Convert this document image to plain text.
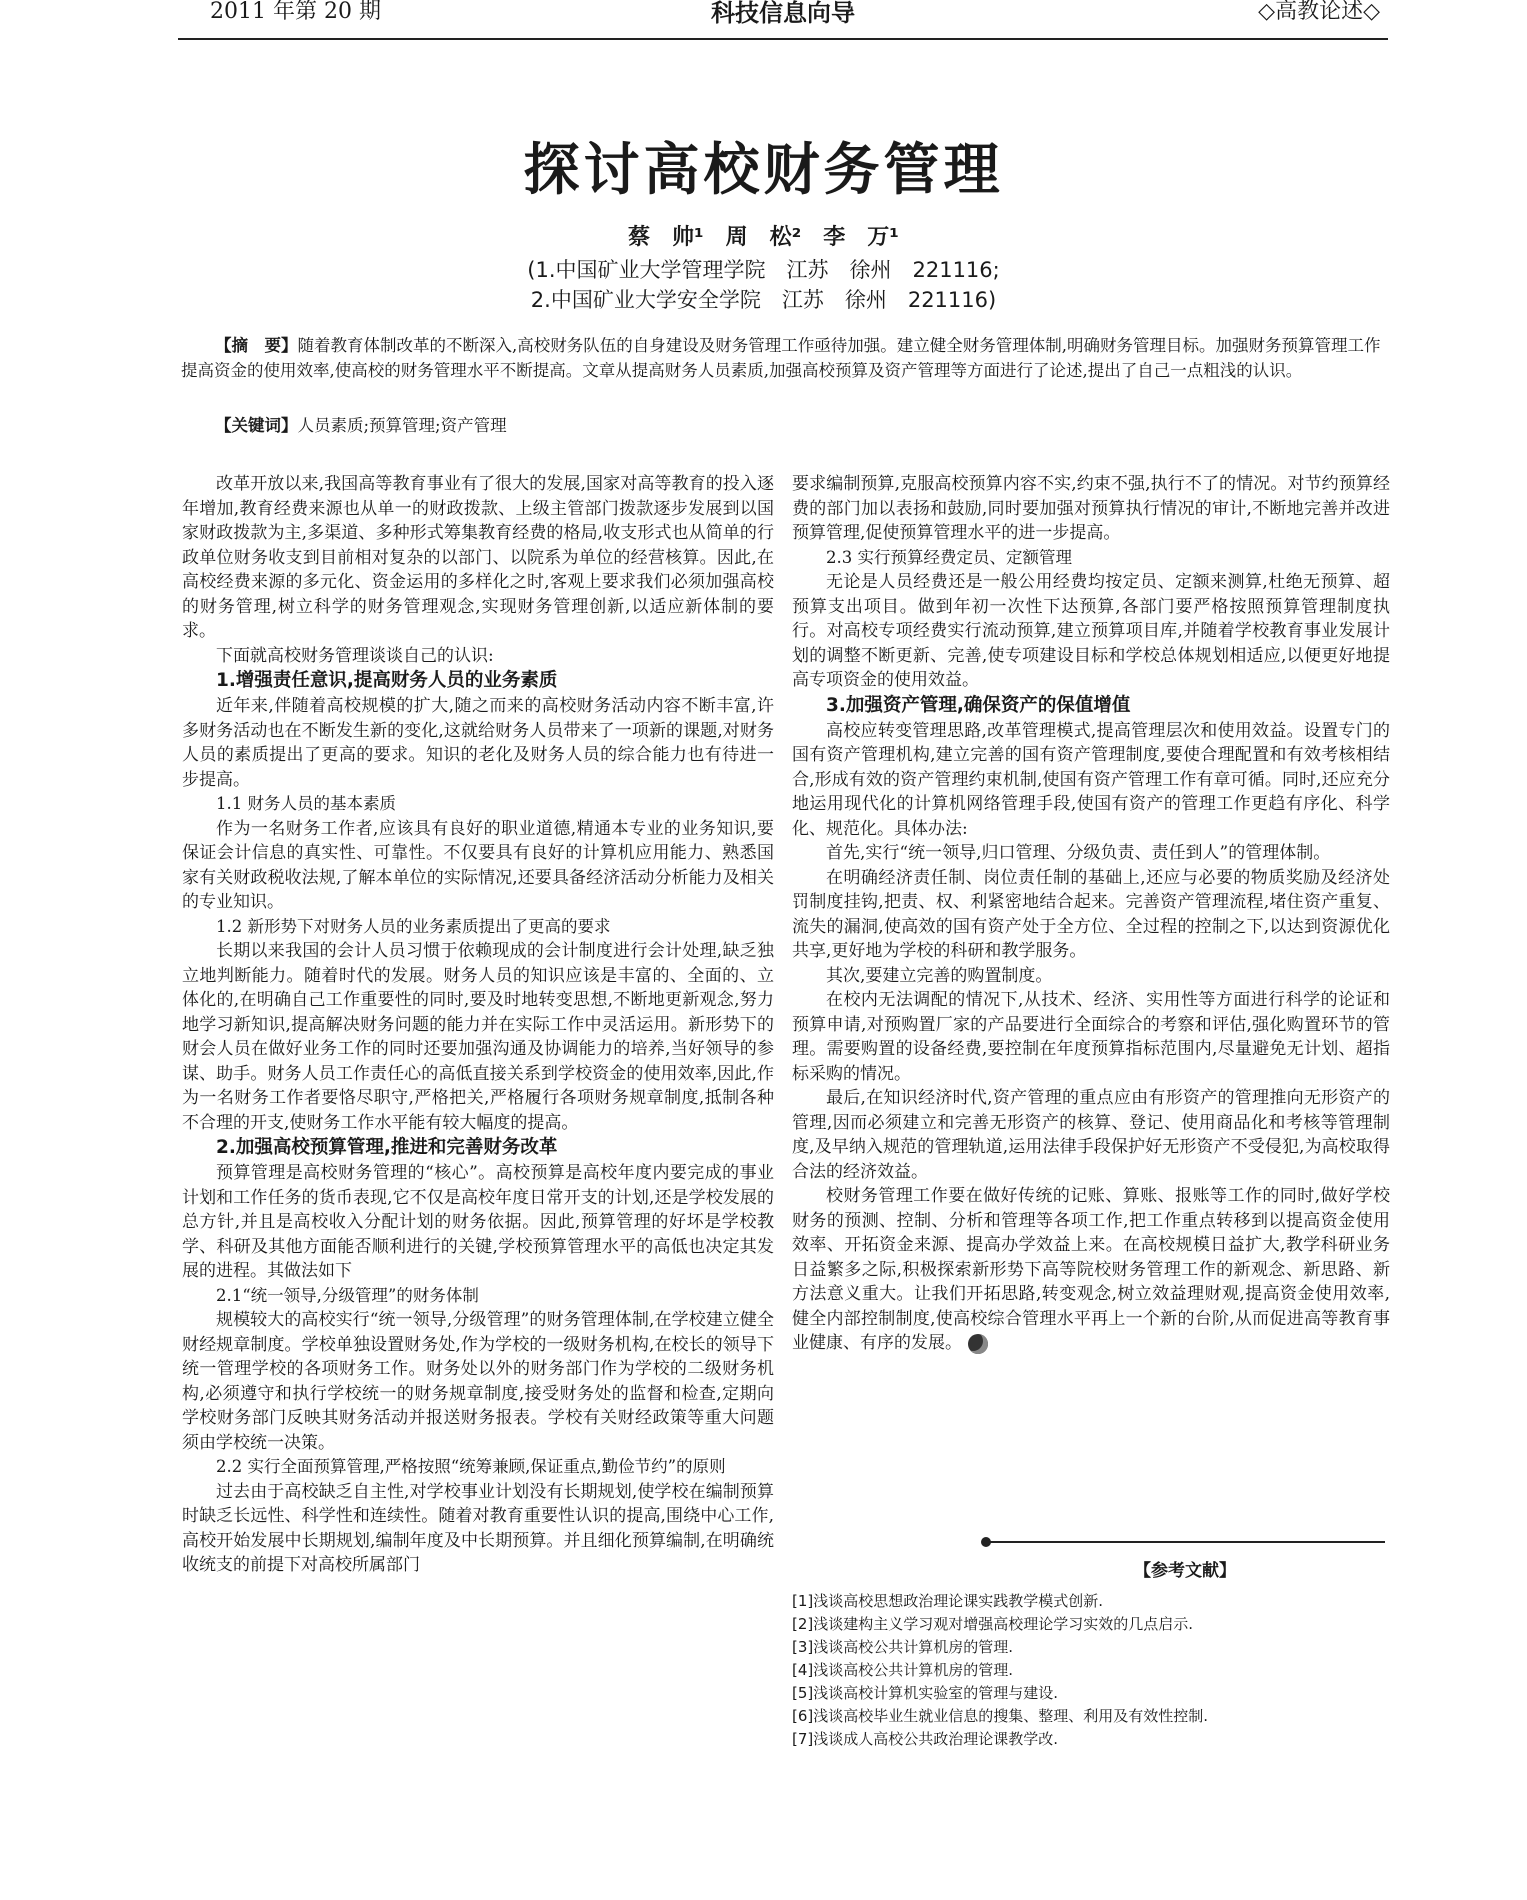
2011 年第 20 期	科技信息向导	◇高教论述◇
探讨高校财务管理
蔡　帅¹　周　松²　李　万¹
(1.中国矿业大学管理学院　江苏　徐州　221116;
2.中国矿业大学安全学院　江苏　徐州　221116)
【摘　要】随着教育体制改革的不断深入,高校财务队伍的自身建设及财务管理工作亟待加强。建立健全财务管理体制,明确财务管理目标。加强财务预算管理工作提高资金的使用效率,使高校的财务管理水平不断提高。文章从提高财务人员素质,加强高校预算及资产管理等方面进行了论述,提出了自己一点粗浅的认识。
【关键词】人员素质;预算管理;资产管理

改革开放以来,我国高等教育事业有了很大的发展,国家对高等教育的投入逐年增加,教育经费来源也从单一的财政拨款、上级主管部门拨款逐步发展到以国家财政拨款为主,多渠道、多种形式筹集教育经费的格局,收支形式也从简单的行政单位财务收支到目前相对复杂的以部门、以院系为单位的经营核算。因此,在高校经费来源的多元化、资金运用的多样化之时,客观上要求我们必须加强高校的财务管理,树立科学的财务管理观念,实现财务管理创新,以适应新体制的要求。

下面就高校财务管理谈谈自己的认识:

1.增强责任意识,提高财务人员的业务素质

近年来,伴随着高校规模的扩大,随之而来的高校财务活动内容不断丰富,许多财务活动也在不断发生新的变化,这就给财务人员带来了一项新的课题,对财务人员的素质提出了更高的要求。知识的老化及财务人员的综合能力也有待进一步提高。

1.1 财务人员的基本素质

作为一名财务工作者,应该具有良好的职业道德,精通本专业的业务知识,要保证会计信息的真实性、可靠性。不仅要具有良好的计算机应用能力、熟悉国家有关财政税收法规,了解本单位的实际情况,还要具备经济活动分析能力及相关的专业知识。

1.2 新形势下对财务人员的业务素质提出了更高的要求

长期以来我国的会计人员习惯于依赖现成的会计制度进行会计处理,缺乏独立地判断能力。随着时代的发展。财务人员的知识应该是丰富的、全面的、立体化的,在明确自己工作重要性的同时,要及时地转变思想,不断地更新观念,努力地学习新知识,提高解决财务问题的能力并在实际工作中灵活运用。新形势下的财会人员在做好业务工作的同时还要加强沟通及协调能力的培养,当好领导的参谋、助手。财务人员工作责任心的高低直接关系到学校资金的使用效率,因此,作为一名财务工作者要恪尽职守,严格把关,严格履行各项财务规章制度,抵制各种不合理的开支,使财务工作水平能有较大幅度的提高。

2.加强高校预算管理,推进和完善财务改革

预算管理是高校财务管理的“核心”。高校预算是高校年度内要完成的事业计划和工作任务的货币表现,它不仅是高校年度日常开支的计划,还是学校发展的总方针,并且是高校收入分配计划的财务依据。因此,预算管理的好坏是学校教学、科研及其他方面能否顺利进行的关键,学校预算管理水平的高低也决定其发展的进程。其做法如下

2.1“统一领导,分级管理”的财务体制

规模较大的高校实行“统一领导,分级管理”的财务管理体制,在学校建立健全财经规章制度。学校单独设置财务处,作为学校的一级财务机构,在校长的领导下统一管理学校的各项财务工作。财务处以外的财务部门作为学校的二级财务机构,必须遵守和执行学校统一的财务规章制度,接受财务处的监督和检查,定期向学校财务部门反映其财务活动并报送财务报表。学校有关财经政策等重大问题须由学校统一决策。

2.2 实行全面预算管理,严格按照“统筹兼顾,保证重点,勤俭节约”的原则

过去由于高校缺乏自主性,对学校事业计划没有长期规划,使学校在编制预算时缺乏长远性、科学性和连续性。随着对教育重要性认识的提高,围绕中心工作,高校开始发展中长期规划,编制年度及中长期预算。并且细化预算编制,在明确统收统支的前提下对高校所属部门

要求编制预算,克服高校预算内容不实,约束不强,执行不了的情况。对节约预算经费的部门加以表扬和鼓励,同时要加强对预算执行情况的审计,不断地完善并改进预算管理,促使预算管理水平的进一步提高。

2.3 实行预算经费定员、定额管理

无论是人员经费还是一般公用经费均按定员、定额来测算,杜绝无预算、超预算支出项目。做到年初一次性下达预算,各部门要严格按照预算管理制度执行。对高校专项经费实行流动预算,建立预算项目库,并随着学校教育事业发展计划的调整不断更新、完善,使专项建设目标和学校总体规划相适应,以便更好地提高专项资金的使用效益。

3.加强资产管理,确保资产的保值增值

高校应转变管理思路,改革管理模式,提高管理层次和使用效益。设置专门的国有资产管理机构,建立完善的国有资产管理制度,要使合理配置和有效考核相结合,形成有效的资产管理约束机制,使国有资产管理工作有章可循。同时,还应充分地运用现代化的计算机网络管理手段,使国有资产的管理工作更趋有序化、科学化、规范化。具体办法:

首先,实行“统一领导,归口管理、分级负责、责任到人”的管理体制。

在明确经济责任制、岗位责任制的基础上,还应与必要的物质奖励及经济处罚制度挂钩,把责、权、利紧密地结合起来。完善资产管理流程,堵住资产重复、流失的漏洞,使高效的国有资产处于全方位、全过程的控制之下,以达到资源优化共享,更好地为学校的科研和教学服务。

其次,要建立完善的购置制度。

在校内无法调配的情况下,从技术、经济、实用性等方面进行科学的论证和预算申请,对预购置厂家的产品要进行全面综合的考察和评估,强化购置环节的管理。需要购置的设备经费,要控制在年度预算指标范围内,尽量避免无计划、超指标采购的情况。

最后,在知识经济时代,资产管理的重点应由有形资产的管理推向无形资产的管理,因而必须建立和完善无形资产的核算、登记、使用商品化和考核等管理制度,及早纳入规范的管理轨道,运用法律手段保护好无形资产不受侵犯,为高校取得合法的经济效益。

校财务管理工作要在做好传统的记账、算账、报账等工作的同时,做好学校财务的预测、控制、分析和管理等各项工作,把工作重点转移到以提高资金使用效率、开拓资金来源、提高办学效益上来。在高校规模日益扩大,教学科研业务日益繁多之际,积极探索新形势下高等院校财务管理工作的新观念、新思路、新方法意义重大。让我们开拓思路,转变观念,树立效益理财观,提高资金使用效率,健全内部控制制度,使高校综合管理水平再上一个新的台阶,从而促进高等教育事业健康、有序的发展。

【参考文献】
[1]浅谈高校思想政治理论课实践教学模式创新.
[2]浅谈建构主义学习观对增强高校理论学习实效的几点启示.
[3]浅谈高校公共计算机房的管理.
[4]浅谈高校公共计算机房的管理.
[5]浅谈高校计算机实验室的管理与建设.
[6]浅谈高校毕业生就业信息的搜集、整理、利用及有效性控制.
[7]浅谈成人高校公共政治理论课教学改.
